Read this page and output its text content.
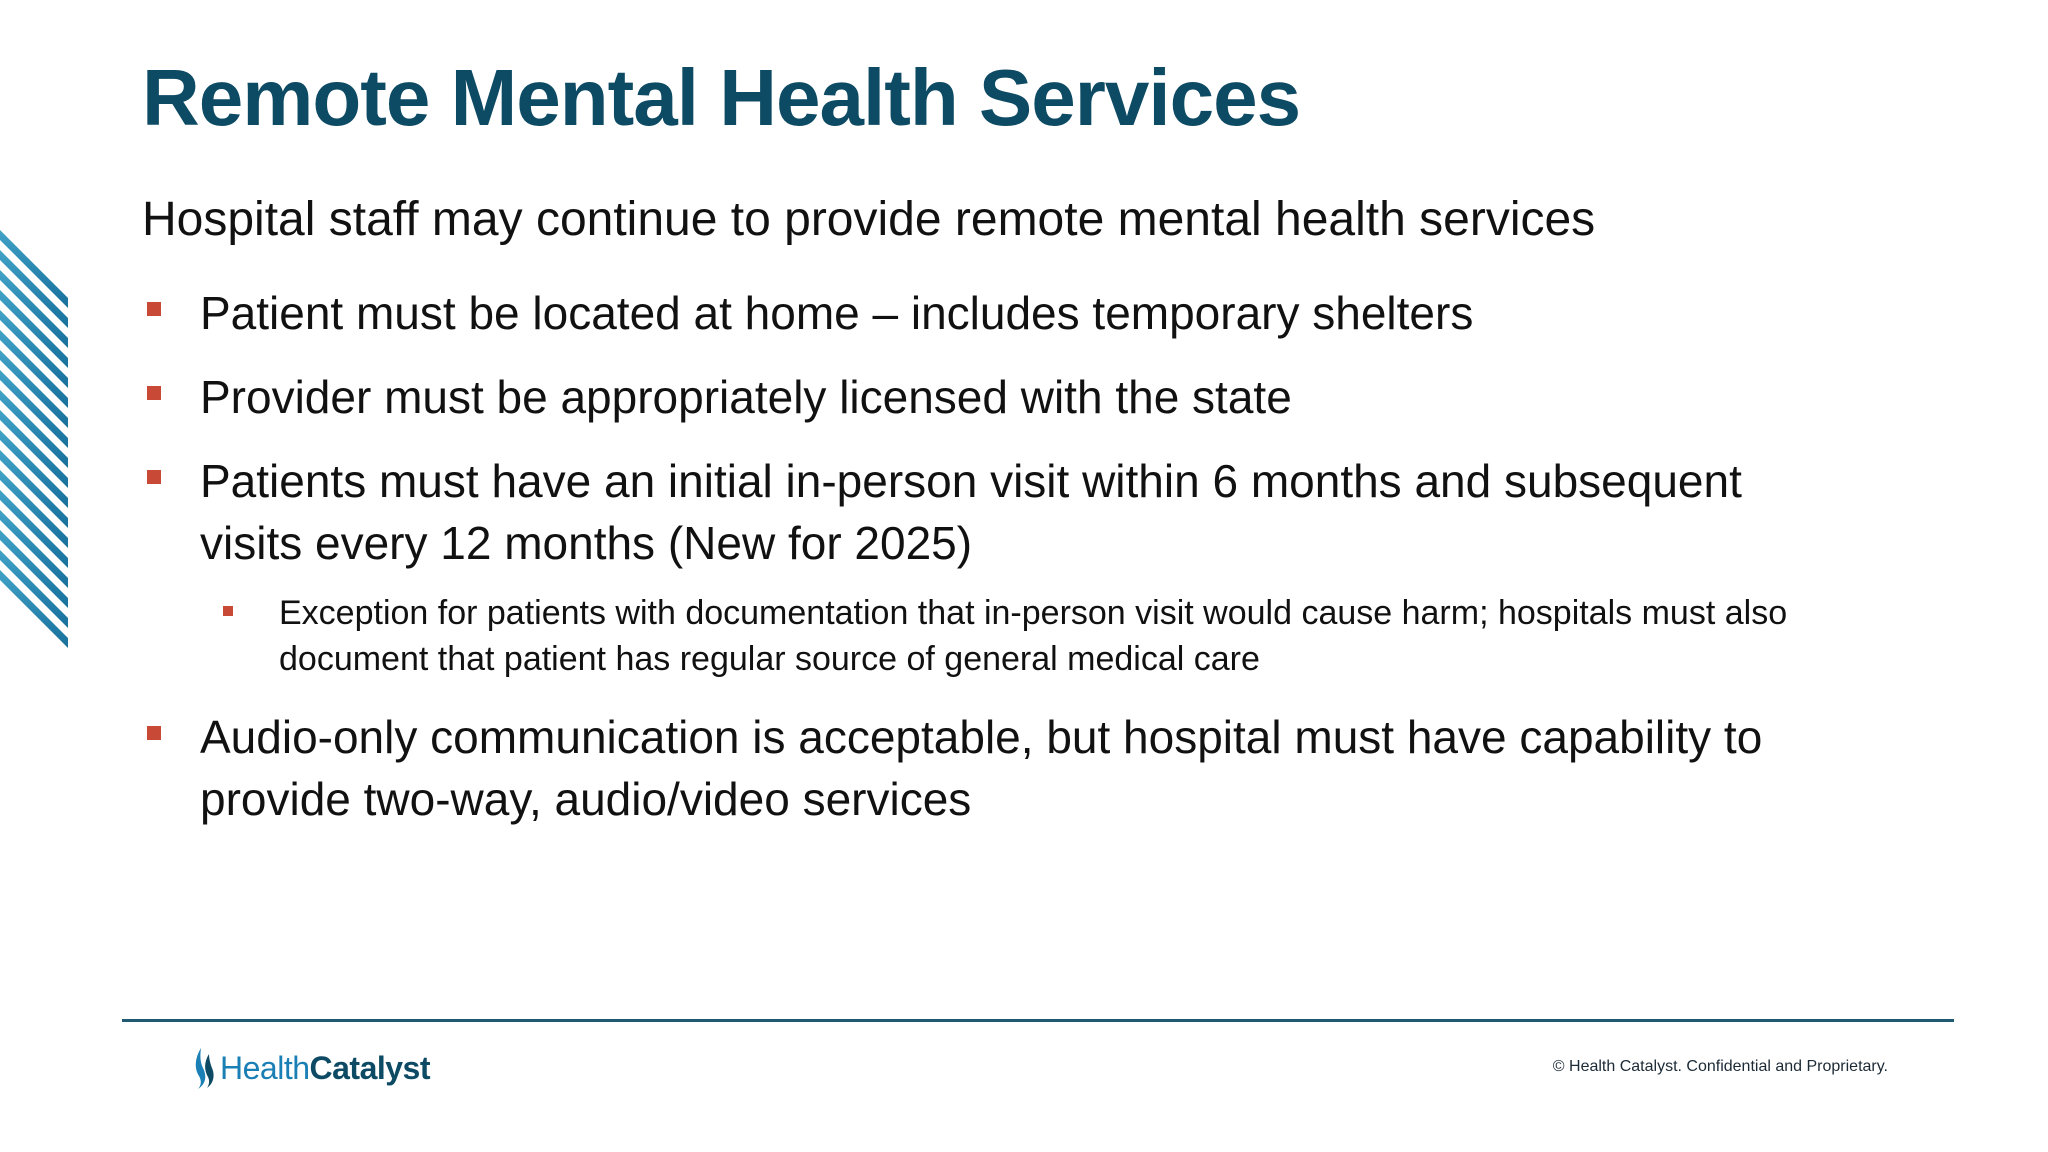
Remote Mental Health Services
Hospital staff may continue to provide remote mental health services
Patient must be located at home – includes temporary shelters
Provider must be appropriately licensed with the state
Patients must have an initial in-person visit within 6 months and subsequent
visits every 12 months (New for 2025)
Exception for patients with documentation that in-person visit would cause harm; hospitals must also
document that patient has regular source of general medical care
Audio-only communication is acceptable, but hospital must have capability to
provide two-way, audio/video services
Health Catalyst	© Health Catalyst. Confidential and Proprietary.
